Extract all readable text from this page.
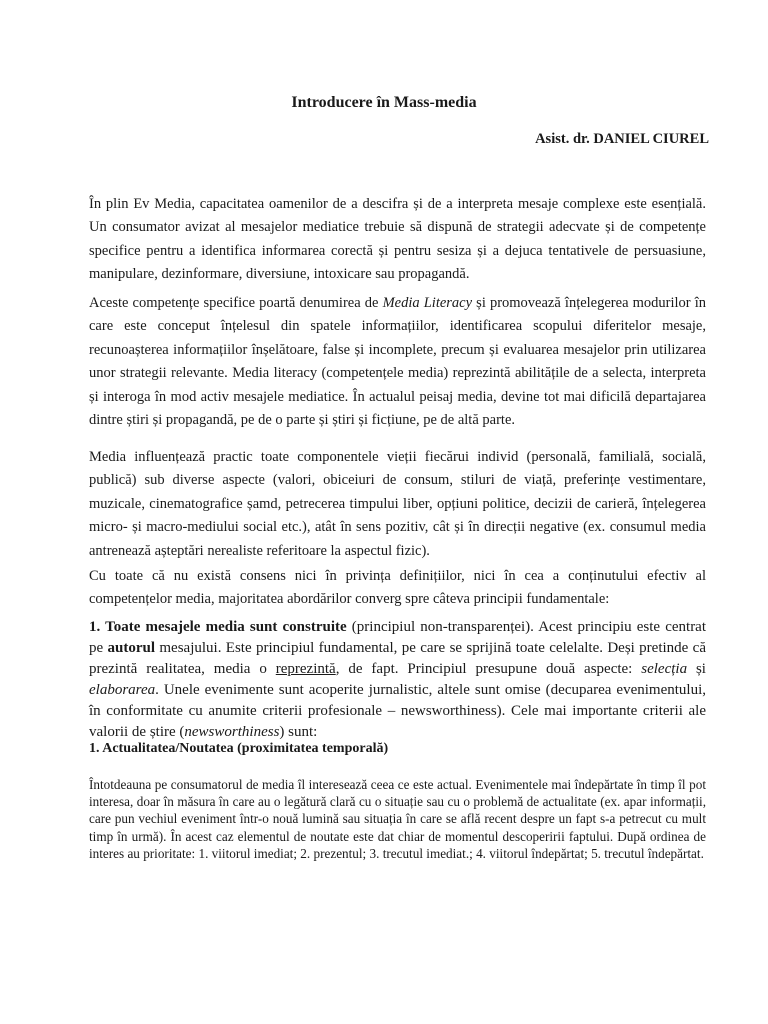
Introducere în Mass-media
Asist. dr. DANIEL CIUREL

În plin Ev Media, capacitatea oamenilor de a descifra și de a interpreta mesaje complexe este esențială. Un consumator avizat al mesajelor mediatice trebuie să dispună de strategii adecvate și de competențe specifice pentru a identifica informarea corectă și pentru sesiza și a dejuca tentativele de persuasiune, manipulare, dezinformare, diversiune, intoxicare sau propagandă.

Aceste competențe specifice poartă denumirea de Media Literacy și promovează înțelegerea modurilor în care este conceput înțelesul din spatele informațiilor, identificarea scopului diferitelor mesaje, recunoașterea informațiilor înșelătoare, false și incomplete, precum și evaluarea mesajelor prin utilizarea unor strategii relevante. Media literacy (competențele media) reprezintă abilitățile de a selecta, interpreta și interoga în mod activ mesajele mediatice. În actualul peisaj media, devine tot mai dificilă departajarea dintre știri și propagandă, pe de o parte și știri și ficțiune, pe de altă parte.

Media influențează practic toate componentele vieții fiecărui individ (personală, familială, socială, publică) sub diverse aspecte (valori, obiceiuri de consum, stiluri de viață, preferințe vestimentare, muzicale, cinematografice șamd, petrecerea timpului liber, opțiuni politice, decizii de carieră, înțelegerea micro- și macro-mediului social etc.), atât în sens pozitiv, cât și în direcții negative (ex. consumul media antrenează așteptări nerealiste referitoare la aspectul fizic).

Cu toate că nu există consens nici în privința definițiilor, nici în cea a conținutului efectiv al competențelor media, majoritatea abordărilor converg spre câteva principii fundamentale:

1. Toate mesajele media sunt construite (principiul non-transparenței). Acest principiu este centrat pe autorul mesajului. Este principiul fundamental, pe care se sprijină toate celelalte. Deși pretinde că prezintă realitatea, media o reprezintă, de fapt. Principiul presupune două aspecte: selecția și elaborarea. Unele evenimente sunt acoperite jurnalistic, altele sunt omise (decuparea evenimentului, în conformitate cu anumite criterii profesionale – newsworthiness). Cele mai importante criterii ale valorii de știre (newsworthiness) sunt:

1. Actualitatea/Noutatea (proximitatea temporală)

Întotdeauna pe consumatorul de media îl interesează ceea ce este actual. Evenimentele mai îndepărtate în timp îl pot interesa, doar în măsura în care au o legătură clară cu o situație sau cu o problemă de actualitate (ex. apar informații, care pun vechiul eveniment într-o nouă lumină sau situația în care se află recent despre un fapt s-a petrecut cu mult timp în urmă). În acest caz elementul de noutate este dat chiar de momentul descoperirii faptului. După ordinea de interes au prioritate: 1. viitorul imediat; 2. prezentul; 3. trecutul imediat.; 4. viitorul îndepărtat; 5. trecutul îndepărtat.
